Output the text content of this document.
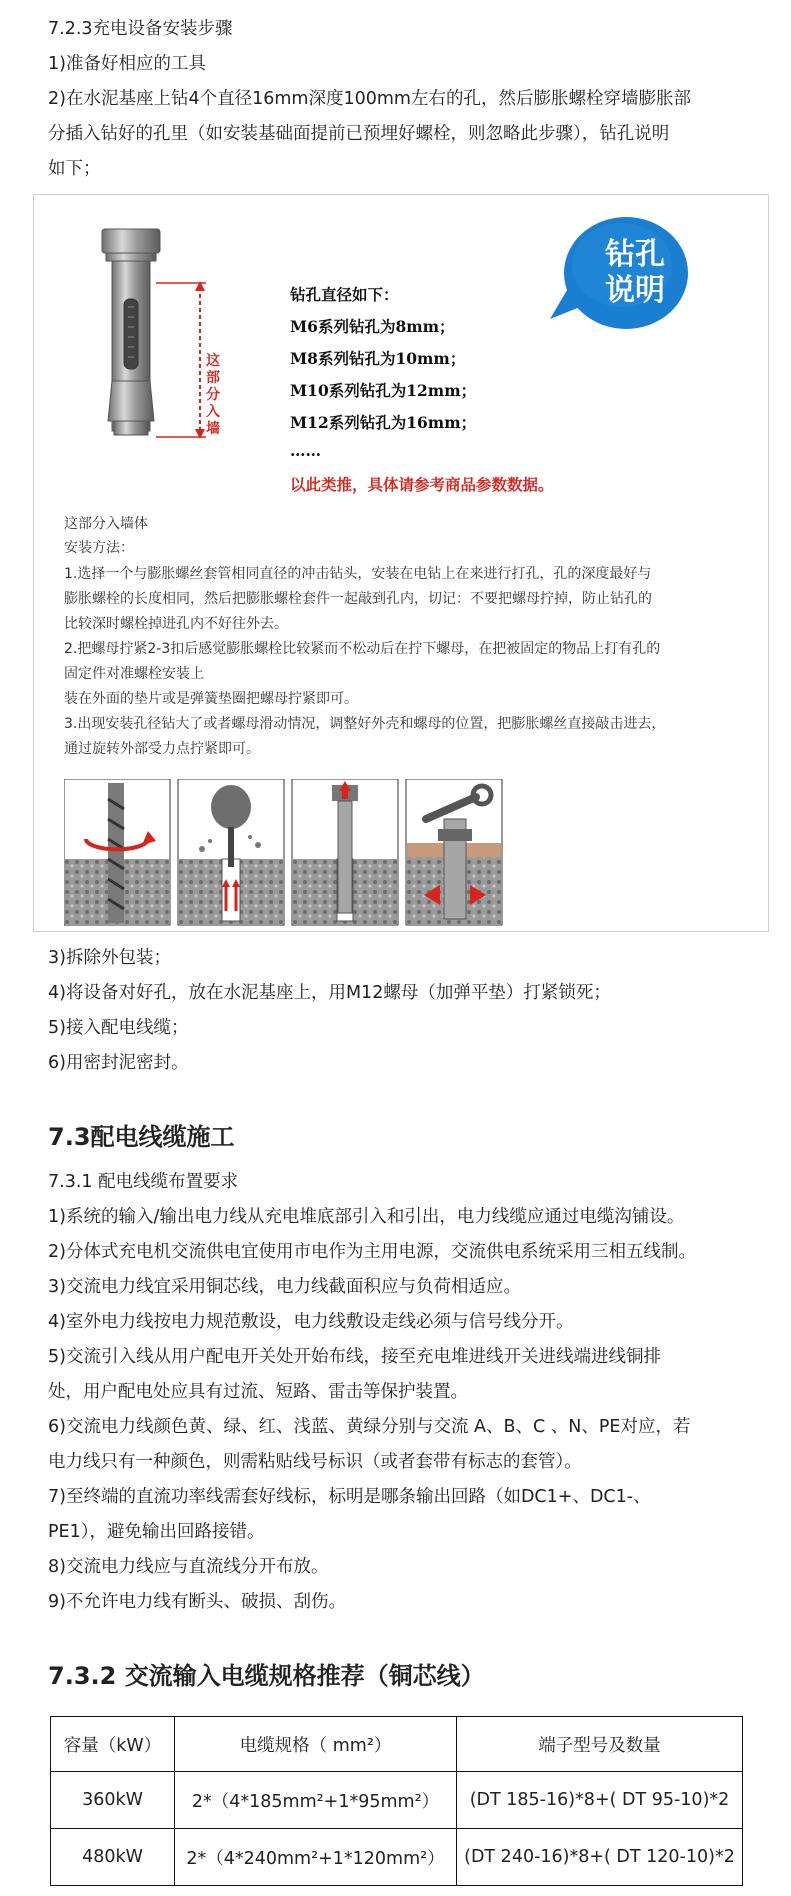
7.2.3充电设备安装步骤
1)准备好相应的工具
2)在水泥基座上钻4个直径16mm深度100mm左右的孔，然后膨胀螺栓穿墙膨胀部
分插入钻好的孔里（如安装基础面提前已预埋好螺栓，则忽略此步骤），钻孔说明
如下；
这部分入墙
钻孔直径如下：
M6系列钻孔为8mm；
M8系列钻孔为10mm；
M10系列钻孔为12mm；
M12系列钻孔为16mm；
……
以此类推，具体请参考商品参数数据。
钻孔
说明
这部分入墙体
安装方法：
1.选择一个与膨胀螺丝套管相同直径的冲击钻头，安装在电钻上在来进行打孔，孔的深度最好与
膨胀螺栓的长度相同，然后把膨胀螺栓套件一起敲到孔内，切记：不要把螺母拧掉，防止钻孔的
比较深时螺栓掉进孔内不好往外去。
2.把螺母拧紧2-3扣后感觉膨胀螺栓比较紧而不松动后在拧下螺母，在把被固定的物品上打有孔的
固定件对准螺栓安装上
装在外面的垫片或是弹簧垫圈把螺母拧紧即可。
3.出现安装孔径钻大了或者螺母滑动情况，调整好外壳和螺母的位置，把膨胀螺丝直接敲击进去，
通过旋转外部受力点拧紧即可。
3)拆除外包装；
4)将设备对好孔，放在水泥基座上，用M12螺母（加弹平垫）打紧锁死；
5)接入配电线缆；
6)用密封泥密封。
7.3配电线缆施工
7.3.1 配电线缆布置要求
1)系统的输入/输出电力线从充电堆底部引入和引出，电力线缆应通过电缆沟铺设。
2)分体式充电机交流供电宜使用市电作为主用电源，交流供电系统采用三相五线制。
3)交流电力线宜采用铜芯线，电力线截面积应与负荷相适应。
4)室外电力线按电力规范敷设，电力线敷设走线必须与信号线分开。
5)交流引入线从用户配电开关处开始布线，接至充电堆进线开关进线端进线铜排
处，用户配电处应具有过流、短路、雷击等保护装置。
6)交流电力线颜色黄、绿、红、浅蓝、黄绿分别与交流 A、B、C 、N、PE对应，若
电力线只有一种颜色，则需粘贴线号标识（或者套带有标志的套管）。
7)至终端的直流功率线需套好线标，标明是哪条输出回路（如DC1+、DC1-、
PE1），避免输出回路接错。
8)交流电力线应与直流线分开布放。
9)不允许电力线有断头、破损、刮伤。
7.3.2 交流输入电缆规格推荐（铜芯线）
容量（kW）	电缆规格（ mm²）	端子型号及数量
360kW	2*（4*185mm²+1*95mm²）	(DT 185-16)*8+( DT 95-10)*2
480kW	2*（4*240mm²+1*120mm²）	(DT 240-16)*8+( DT 120-10)*2
